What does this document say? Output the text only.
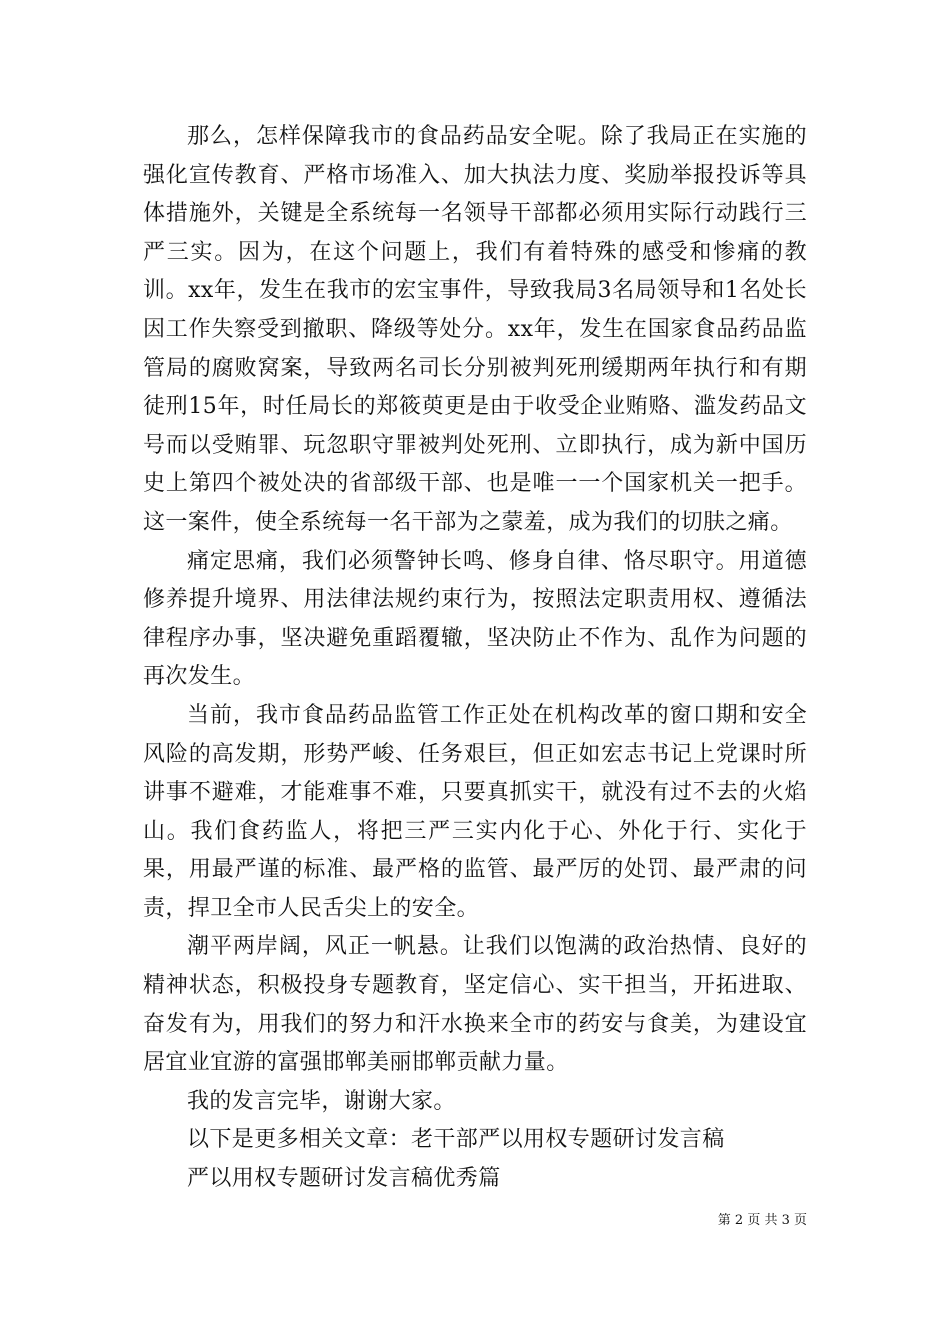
那么，怎样保障我市的食品药品安全呢。除了我局正在实施的强化宣传教育、严格市场准入、加大执法力度、奖励举报投诉等具体措施外，关键是全系统每一名领导干部都必须用实际行动践行三严三实。因为，在这个问题上，我们有着特殊的感受和惨痛的教训。xx年，发生在我市的宏宝事件，导致我局3名局领导和1名处长因工作失察受到撤职、降级等处分。xx年，发生在国家食品药品监管局的腐败窝案，导致两名司长分别被判死刑缓期两年执行和有期徒刑15年，时任局长的郑筱萸更是由于收受企业贿赂、滥发药品文号而以受贿罪、玩忽职守罪被判处死刑、立即执行，成为新中国历史上第四个被处决的省部级干部、也是唯一一个国家机关一把手。这一案件，使全系统每一名干部为之蒙羞，成为我们的切肤之痛。

痛定思痛，我们必须警钟长鸣、修身自律、恪尽职守。用道德修养提升境界、用法律法规约束行为，按照法定职责用权、遵循法律程序办事，坚决避免重蹈覆辙，坚决防止不作为、乱作为问题的再次发生。

当前，我市食品药品监管工作正处在机构改革的窗口期和安全风险的高发期，形势严峻、任务艰巨，但正如宏志书记上党课时所讲事不避难，才能难事不难，只要真抓实干，就没有过不去的火焰山。我们食药监人，将把三严三实内化于心、外化于行、实化于果，用最严谨的标准、最严格的监管、最严厉的处罚、最严肃的问责，捍卫全市人民舌尖上的安全。

潮平两岸阔，风正一帆悬。让我们以饱满的政治热情、良好的精神状态，积极投身专题教育，坚定信心、实干担当，开拓进取、奋发有为，用我们的努力和汗水换来全市的药安与食美，为建设宜居宜业宜游的富强邯郸美丽邯郸贡献力量。

我的发言完毕，谢谢大家。

以下是更多相关文章：老干部严以用权专题研讨发言稿

严以用权专题研讨发言稿优秀篇

第 2 页 共 3 页
